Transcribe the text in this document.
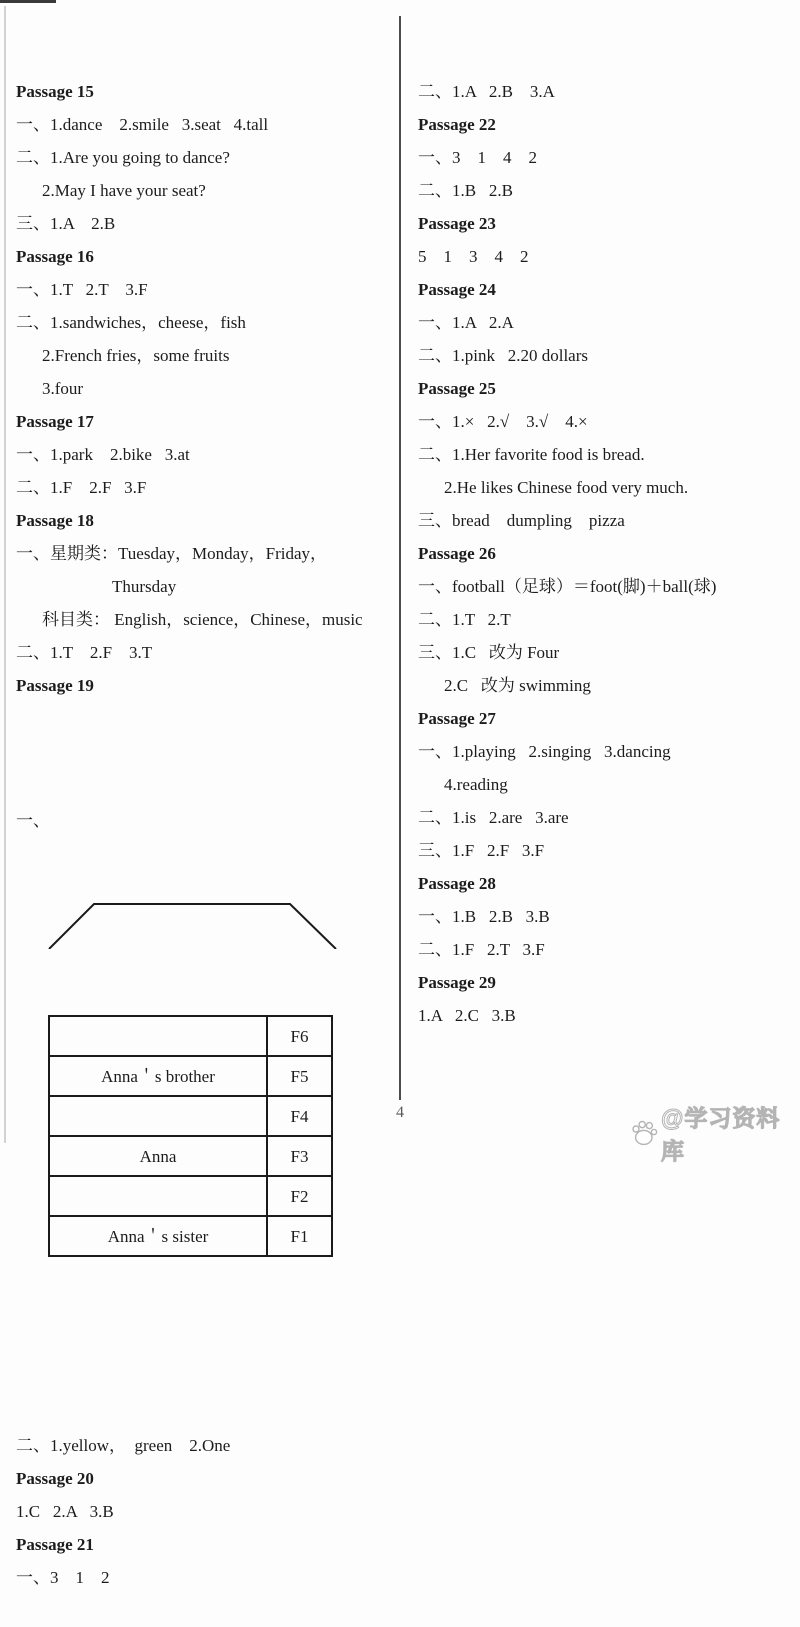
Passage 15
一、1.dance    2.smile   3.seat   4.tall
二、1.Are you going to dance?
2.May I have your seat?
三、1.A    2.B
Passage 16
一、1.T   2.T    3.F
二、1.sandwiches，cheese，fish
2.French fries，some fruits
3.four
Passage 17
一、1.park    2.bike   3.at
二、1.F    2.F   3.F
Passage 18
一、星期类：Tuesday，Monday，Friday，
Thursday
科目类： English，science，Chinese，music
二、1.T    2.F    3.T
Passage 19

一、

	F6
Anna＇s brother	F5
	F4
Anna	F3
	F2
Anna＇s sister	F1

二、1.yellow，  green    2.One
Passage 20
1.C   2.A   3.B
Passage 21
一、3    1    2

二、1.A   2.B    3.A
Passage 22
一、3    1    4    2
二、1.B   2.B
Passage 23
5    1    3    4    2
Passage 24
一、1.A   2.A
二、1.pink   2.20 dollars
Passage 25
一、1.×   2.√    3.√    4.×
二、1.Her favorite food is bread.
2.He likes Chinese food very much.
三、bread    dumpling    pizza
Passage 26
一、football（足球）＝foot(脚)＋ball(球)
二、1.T   2.T
三、1.C   改为 Four
2.C   改为 swimming
Passage 27
一、1.playing   2.singing   3.dancing
4.reading
二、1.is   2.are   3.are
三、1.F   2.F   3.F
Passage 28
一、1.B   2.B   3.B
二、1.F   2.T   3.F
Passage 29
1.A   2.C   3.B

4	@学习资料库
